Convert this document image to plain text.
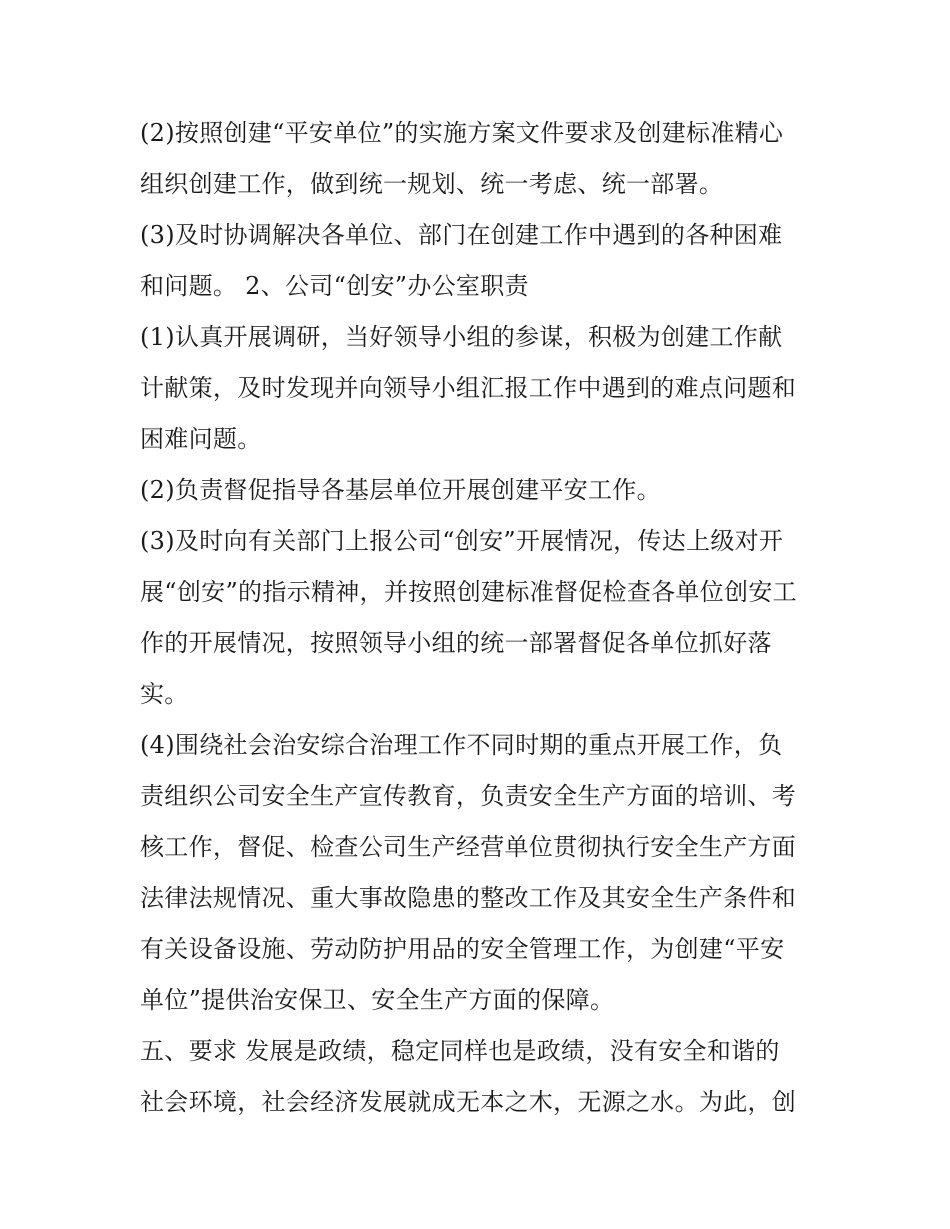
(2)按照创建“平安单位”的实施方案文件要求及创建标准精心
组织创建工作，做到统一规划、统一考虑、统一部署。
(3)及时协调解决各单位、部门在创建工作中遇到的各种困难
和问题。 2、公司“创安”办公室职责
(1)认真开展调研，当好领导小组的参谋，积极为创建工作献
计献策，及时发现并向领导小组汇报工作中遇到的难点问题和
困难问题。
(2)负责督促指导各基层单位开展创建平安工作。
(3)及时向有关部门上报公司“创安”开展情况，传达上级对开
展“创安”的指示精神，并按照创建标准督促检查各单位创安工
作的开展情况，按照领导小组的统一部署督促各单位抓好落
实。
(4)围绕社会治安综合治理工作不同时期的重点开展工作，负
责组织公司安全生产宣传教育，负责安全生产方面的培训、考
核工作，督促、检查公司生产经营单位贯彻执行安全生产方面
法律法规情况、重大事故隐患的整改工作及其安全生产条件和
有关设备设施、劳动防护用品的安全管理工作，为创建“平安
单位”提供治安保卫、安全生产方面的保障。
五、要求 发展是政绩，稳定同样也是政绩，没有安全和谐的
社会环境，社会经济发展就成无本之木，无源之水。为此，创
